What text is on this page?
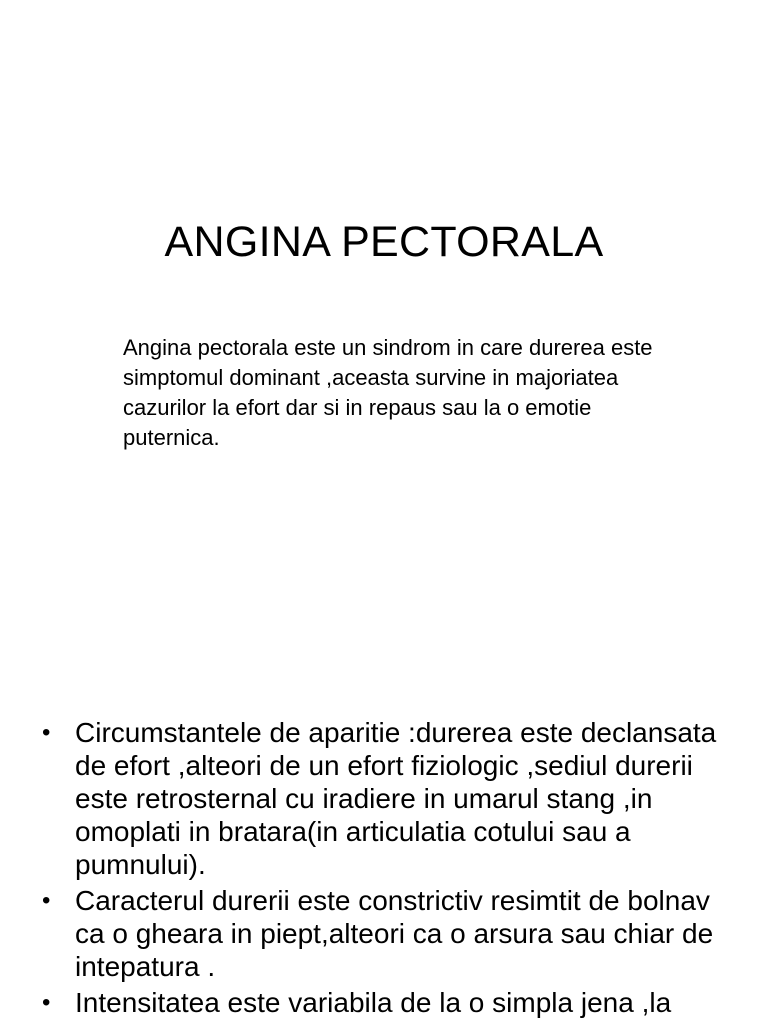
ANGINA PECTORALA

Angina pectorala este un sindrom in care durerea este simptomul dominant ,aceasta survine in majoriatea cazurilor la efort dar si in repaus sau la o emotie puternica.

• Circumstantele de aparitie :durerea este declansata de efort ,alteori de un efort fiziologic ,sediul durerii este retrosternal cu iradiere in umarul stang ,in omoplati in bratara(in articulatia cotului sau a pumnului).
• Caracterul durerii este constrictiv resimtit de bolnav ca o gheara in piept,alteori ca o arsura sau chiar de intepatura .
• Intensitatea este variabila de la o simpla jena ,la
